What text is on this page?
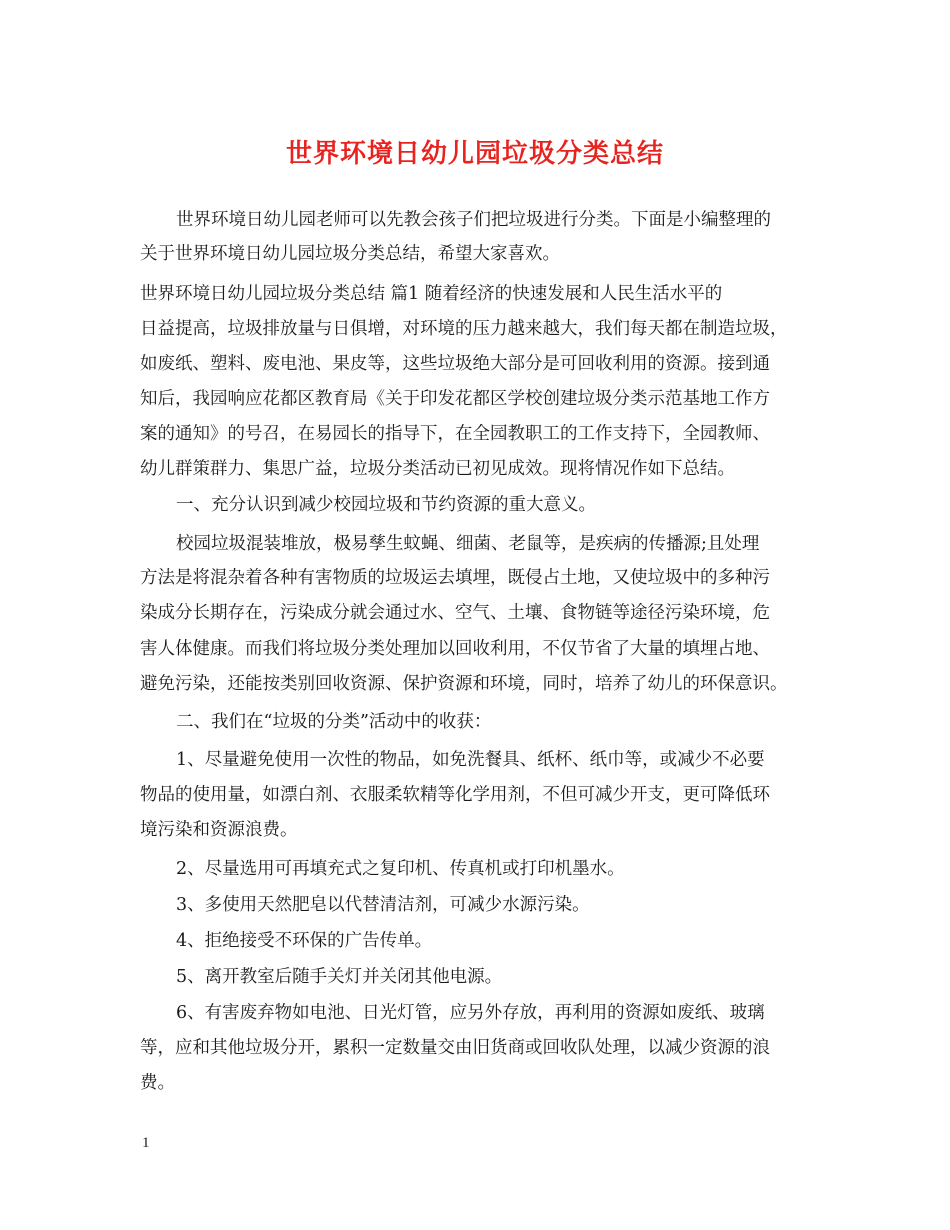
世界环境日幼儿园垃圾分类总结
世界环境日幼儿园老师可以先教会孩子们把垃圾进行分类。下面是小编整理的
关于世界环境日幼儿园垃圾分类总结，希望大家喜欢。
世界环境日幼儿园垃圾分类总结 篇1 随着经济的快速发展和人民生活水平的
日益提高，垃圾排放量与日俱增，对环境的压力越来越大，我们每天都在制造垃圾，
如废纸、塑料、废电池、果皮等，这些垃圾绝大部分是可回收利用的资源。接到通
知后，我园响应花都区教育局《关于印发花都区学校创建垃圾分类示范基地工作方
案的通知》的号召，在易园长的指导下，在全园教职工的工作支持下，全园教师、
幼儿群策群力、集思广益，垃圾分类活动已初见成效。现将情况作如下总结。
一、充分认识到减少校园垃圾和节约资源的重大意义。
校园垃圾混装堆放，极易孳生蚊蝇、细菌、老鼠等，是疾病的传播源;且处理
方法是将混杂着各种有害物质的垃圾运去填埋，既侵占土地，又使垃圾中的多种污
染成分长期存在，污染成分就会通过水、空气、土壤、食物链等途径污染环境，危
害人体健康。而我们将垃圾分类处理加以回收利用，不仅节省了大量的填埋占地、
避免污染，还能按类别回收资源、保护资源和环境，同时，培养了幼儿的环保意识。
二、我们在“垃圾的分类”活动中的收获：
1、尽量避免使用一次性的物品，如免洗餐具、纸杯、纸巾等，或减少不必要
物品的使用量，如漂白剂、衣服柔软精等化学用剂，不但可减少开支，更可降低环
境污染和资源浪费。
2、尽量选用可再填充式之复印机、传真机或打印机墨水。
3、多使用天然肥皂以代替清洁剂，可减少水源污染。
4、拒绝接受不环保的广告传单。
5、离开教室后随手关灯并关闭其他电源。
6、有害废弃物如电池、日光灯管，应另外存放，再利用的资源如废纸、玻璃
等，应和其他垃圾分开，累积一定数量交由旧货商或回收队处理，以减少资源的浪
费。
1
